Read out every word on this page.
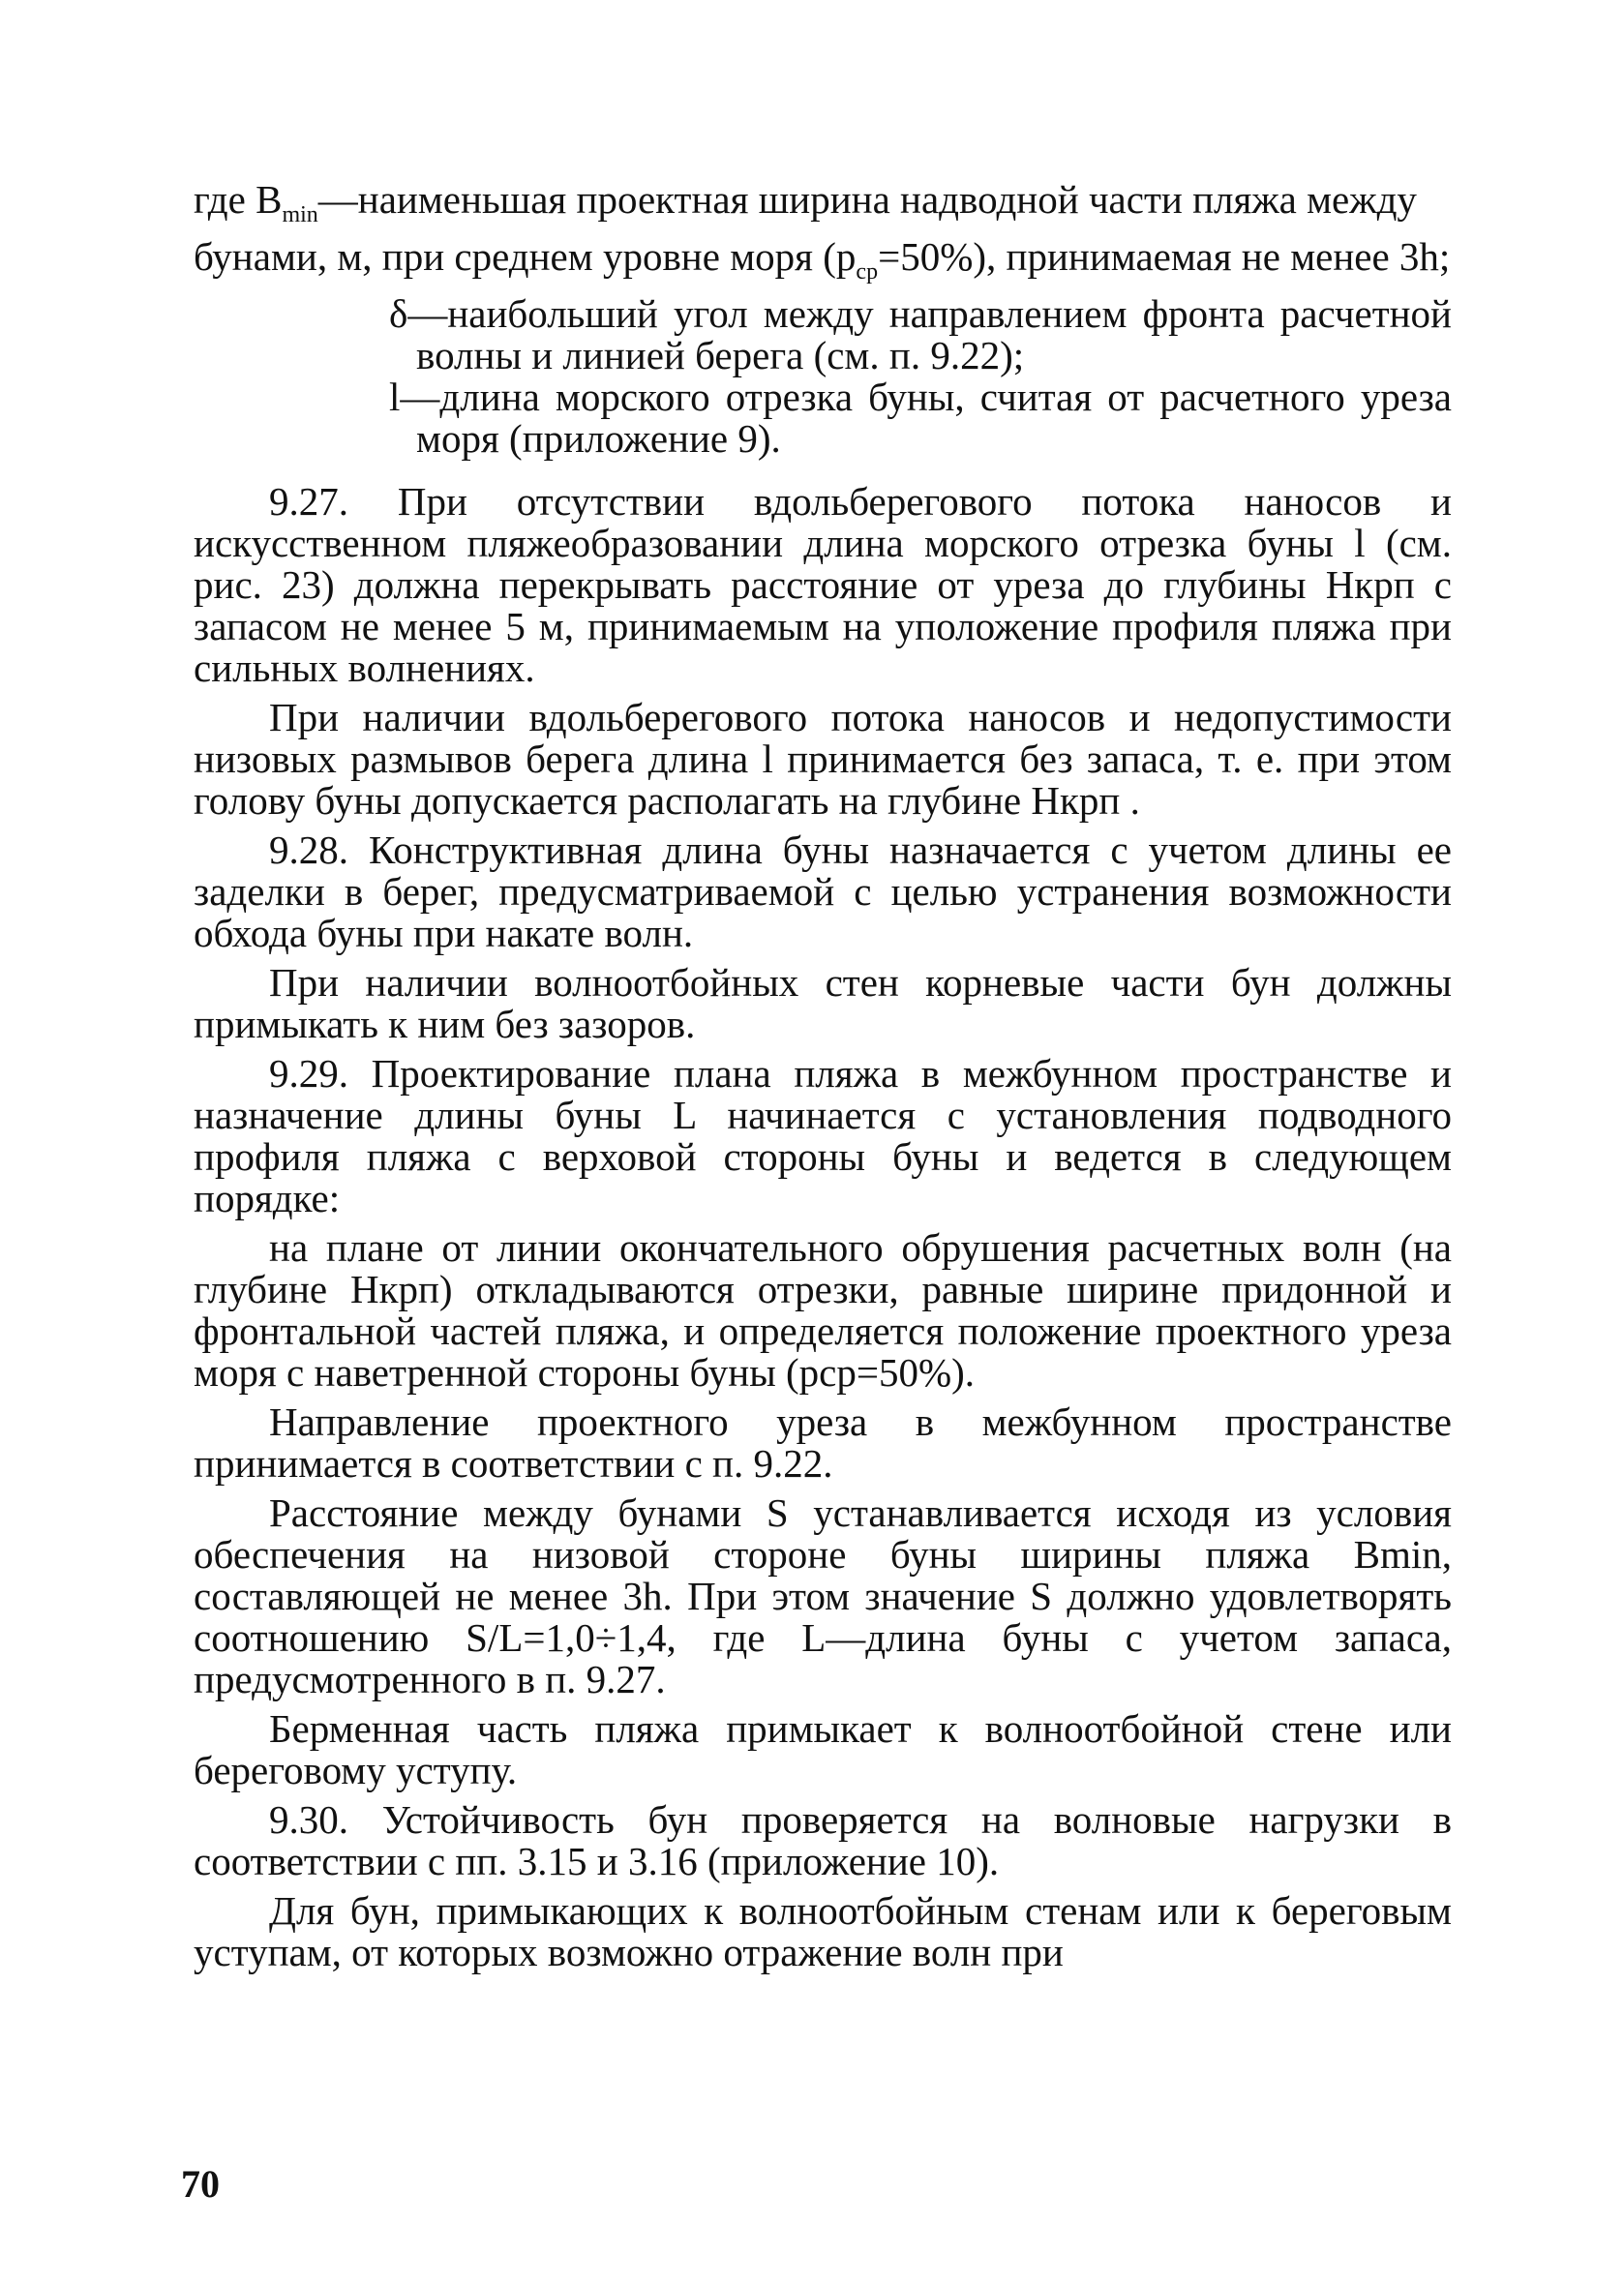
где $B_{min}—наименьшая$ проектная ширина надводной части пляжа между бунами, м, при среднем уровне моря $(p_{ср}=50\%)$, принимаемая не менее 3h;
δ—наибольший угол между направлением фронта расчетной волны и линией берега (см. п. 9.22);
l—длина морского отрезка буны, считая от расчетного уреза моря (приложение 9).

9.27. При отсутствии вдольберегового потока наносов и искусственном пляжеобразовании длина морского отрезка буны l (см. рис. 23) должна перекрывать расстояние от уреза до глубины Hкрп с запасом не менее 5 м, принимаемым на уположение профиля пляжа при сильных волнениях.

При наличии вдольберегового потока наносов и недопустимости низовых размывов берега длина l принимается без запаса, т. е. при этом голову буны допускается располагать на глубине Hкрп .

9.28. Конструктивная длина буны назначается с учетом длины ее заделки в берег, предусматриваемой с целью устранения возможности обхода буны при накате волн.

При наличии волноотбойных стен корневые части бун должны примыкать к ним без зазоров.

9.29. Проектирование плана пляжа в межбунном пространстве и назначение длины буны L начинается с установления подводного профиля пляжа с верховой стороны буны и ведется в следующем порядке:

на плане от линии окончательного обрушения расчетных волн (на глубине Hкрп) откладываются отрезки, равные ширине придонной и фронтальной частей пляжа, и определяется положение проектного уреза моря с наветренной стороны буны (pср=50%).

Направление проектного уреза в межбунном пространстве принимается в соответствии с п. 9.22.

Расстояние между бунами S устанавливается исходя из условия обеспечения на низовой стороне буны ширины пляжа Bmin, составляющей не менее 3h. При этом значение S должно удовлетворять соотношению S/L=1,0÷1,4, где L—длина буны с учетом запаса, предусмотренного в п. 9.27.

Берменная часть пляжа примыкает к волноотбойной стене или береговому уступу.

9.30. Устойчивость бун проверяется на волновые нагрузки в соответствии с пп. 3.15 и 3.16 (приложение 10).

Для бун, примыкающих к волноотбойным стенам или к береговым уступам, от которых возможно отражение волн при

70
